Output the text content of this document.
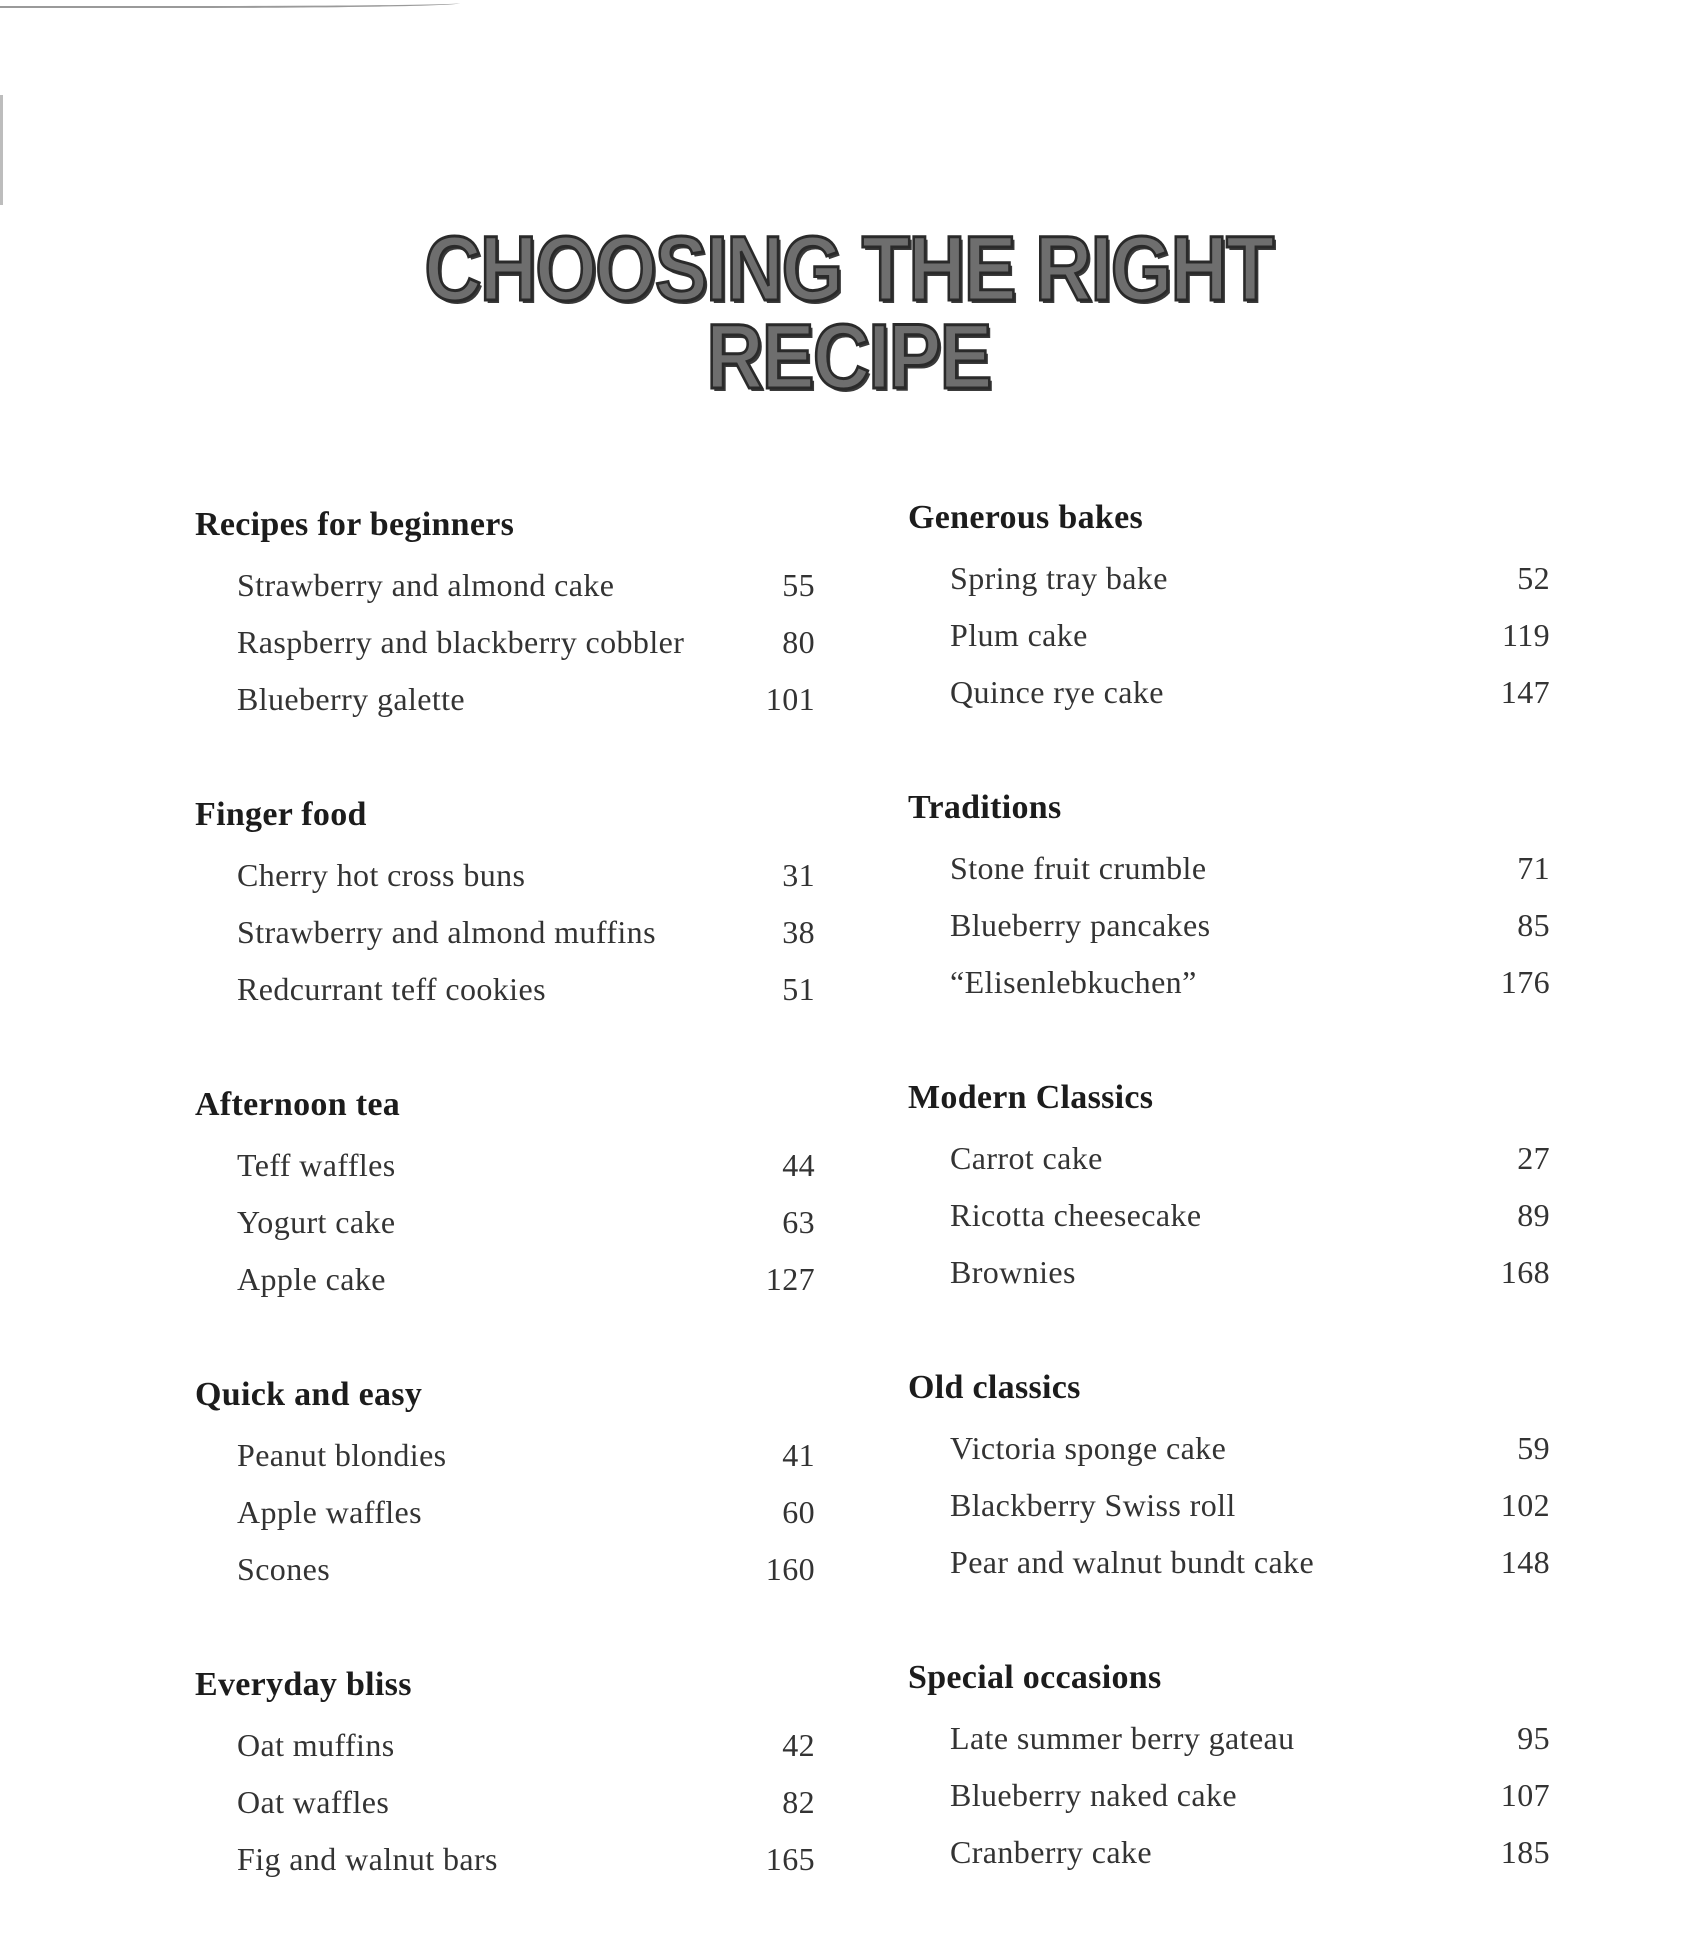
CHOOSING THE RIGHT
RECIPE
Recipes for beginners
Strawberry and almond cake	55
Raspberry and blackberry cobbler	80
Blueberry galette	101
Finger food
Cherry hot cross buns	31
Strawberry and almond muffins	38
Redcurrant teff cookies	51
Afternoon tea
Teff waffles	44
Yogurt cake	63
Apple cake	127
Quick and easy
Peanut blondies	41
Apple waffles	60
Scones	160
Everyday bliss
Oat muffins	42
Oat waffles	82
Fig and walnut bars	165
Generous bakes
Spring tray bake	52
Plum cake	119
Quince rye cake	147
Traditions
Stone fruit crumble	71
Blueberry pancakes	85
“Elisenlebkuchen”	176
Modern Classics
Carrot cake	27
Ricotta cheesecake	89
Brownies	168
Old classics
Victoria sponge cake	59
Blackberry Swiss roll	102
Pear and walnut bundt cake	148
Special occasions
Late summer berry gateau	95
Blueberry naked cake	107
Cranberry cake	185
